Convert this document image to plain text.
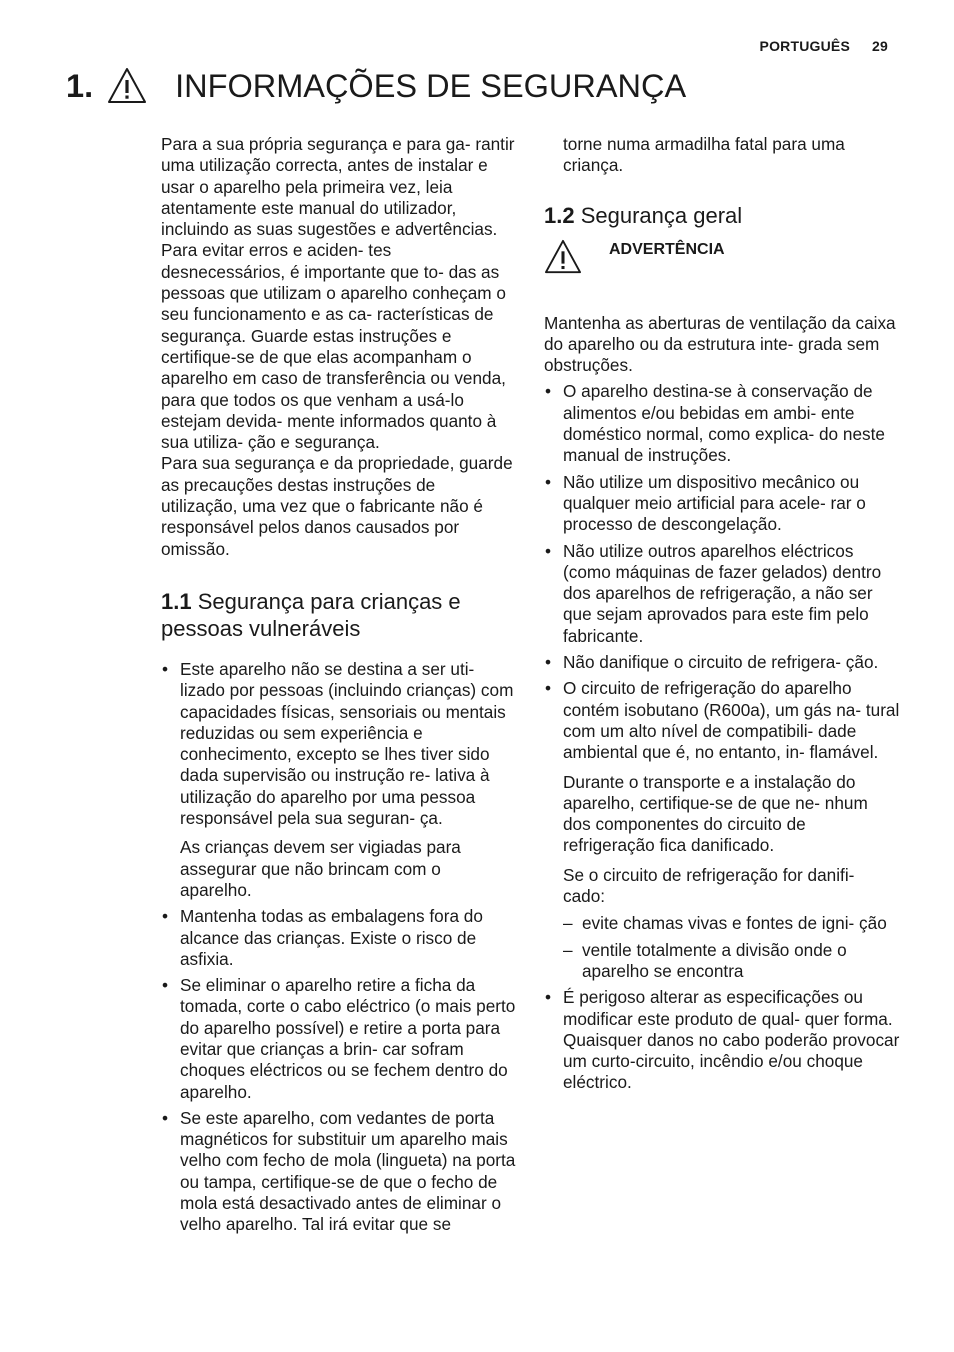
PORTUGUÊS 29
1.	INFORMAÇÕES DE SEGURANÇA

Para a sua própria segurança e para ga- rantir uma utilização correcta, antes de instalar e usar o aparelho pela primeira vez, leia atentamente este manual do utilizador, incluindo as suas sugestões e advertências. Para evitar erros e aciden- tes desnecessários, é importante que to- das as pessoas que utilizam o aparelho conheçam o seu funcionamento e as ca- racterísticas de segurança. Guarde estas instruções e certifique-se de que elas acompanham o aparelho em caso de transferência ou venda, para que todos os que venham a usá-lo estejam devida- mente informados quanto à sua utiliza- ção e segurança.

Para sua segurança e da propriedade, guarde as precauções destas instruções de utilização, uma vez que o fabricante não é responsável pelos danos causados por omissão.

1.1 Segurança para crianças e pessoas vulneráveis

• Este aparelho não se destina a ser uti- lizado por pessoas (incluindo crianças) com capacidades físicas, sensoriais ou mentais reduzidas ou sem experiência e conhecimento, excepto se lhes tiver sido dada supervisão ou instrução re- lativa à utilização do aparelho por uma pessoa responsável pela sua seguran- ça.

As crianças devem ser vigiadas para assegurar que não brincam com o aparelho.

• Mantenha todas as embalagens fora do alcance das crianças. Existe o risco de asfixia.

• Se eliminar o aparelho retire a ficha da tomada, corte o cabo eléctrico (o mais perto do aparelho possível) e retire a porta para evitar que crianças a brin- car sofram choques eléctricos ou se fechem dentro do aparelho.

• Se este aparelho, com vedantes de porta magnéticos for substituir um aparelho mais velho com fecho de mola (lingueta) na porta ou tampa, certifique-se de que o fecho de mola está desactivado antes de eliminar o velho aparelho. Tal irá evitar que se

torne numa armadilha fatal para uma criança.

1.2 Segurança geral
ADVERTÊNCIA

Mantenha as aberturas de ventilação da caixa do aparelho ou da estrutura inte- grada sem obstruções.

• O aparelho destina-se à conservação de alimentos e/ou bebidas em ambi- ente doméstico normal, como explica- do neste manual de instruções.

• Não utilize um dispositivo mecânico ou qualquer meio artificial para acele- rar o processo de descongelação.

• Não utilize outros aparelhos eléctricos (como máquinas de fazer gelados) dentro dos aparelhos de refrigeração, a não ser que sejam aprovados para este fim pelo fabricante.

• Não danifique o circuito de refrigera- ção.

• O circuito de refrigeração do aparelho contém isobutano (R600a), um gás na- tural com um alto nível de compatibili- dade ambiental que é, no entanto, in- flamável.

Durante o transporte e a instalação do aparelho, certifique-se de que ne- nhum dos componentes do circuito de refrigeração fica danificado.

Se o circuito de refrigeração for danifi- cado:

– evite chamas vivas e fontes de igni- ção
– ventile totalmente a divisão onde o aparelho se encontra

• É perigoso alterar as especificações ou modificar este produto de qual- quer forma. Quaisquer danos no cabo poderão provocar um curto-circuito, incêndio e/ou choque eléctrico.
